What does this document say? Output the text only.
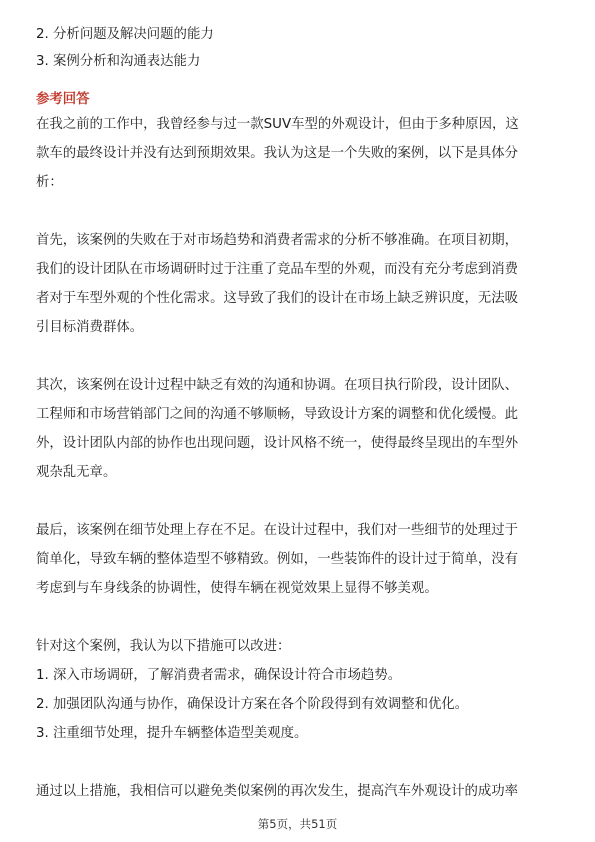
2. 分析问题及解决问题的能力
3. 案例分析和沟通表达能力
参考回答
在我之前的工作中，我曾经参与过一款SUV车型的外观设计，但由于多种原因，这
款车的最终设计并没有达到预期效果。我认为这是一个失败的案例，以下是具体分
析：
首先，该案例的失败在于对市场趋势和消费者需求的分析不够准确。在项目初期，
我们的设计团队在市场调研时过于注重了竞品车型的外观，而没有充分考虑到消费
者对于车型外观的个性化需求。这导致了我们的设计在市场上缺乏辨识度，无法吸
引目标消费群体。
其次，该案例在设计过程中缺乏有效的沟通和协调。在项目执行阶段，设计团队、
工程师和市场营销部门之间的沟通不够顺畅，导致设计方案的调整和优化缓慢。此
外，设计团队内部的协作也出现问题，设计风格不统一，使得最终呈现出的车型外
观杂乱无章。
最后，该案例在细节处理上存在不足。在设计过程中，我们对一些细节的处理过于
简单化，导致车辆的整体造型不够精致。例如，一些装饰件的设计过于简单，没有
考虑到与车身线条的协调性，使得车辆在视觉效果上显得不够美观。
针对这个案例，我认为以下措施可以改进：
1. 深入市场调研，了解消费者需求，确保设计符合市场趋势。
2. 加强团队沟通与协作，确保设计方案在各个阶段得到有效调整和优化。
3. 注重细节处理，提升车辆整体造型美观度。
通过以上措施，我相信可以避免类似案例的再次发生，提高汽车外观设计的成功率
第5页，共51页
